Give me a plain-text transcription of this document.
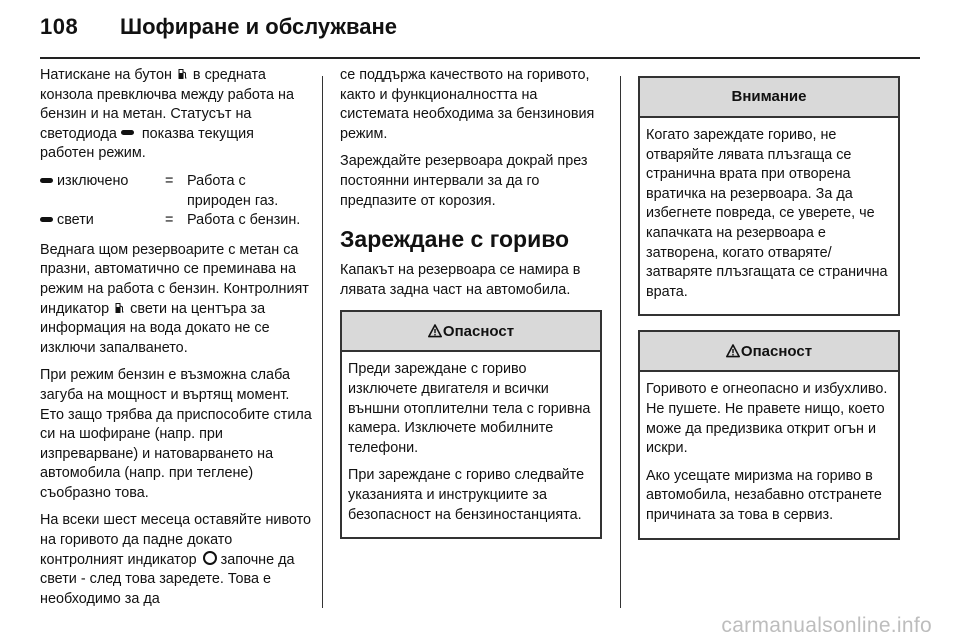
108 Шофиране и обслужване

Натискане на бутон  в средната конзола превключва между работа на бензин и на метан. Статусът на светодиода  показва текущия работен режим.

изключено	=	Работа с природен газ.
свети	=	Работа с бензин.

Веднага щом резервоарите с метан са празни, автоматично се преминава на режим на работа с бензин. Контролният индикатор  свети на центъра за информация на вода докато не се изключи запалването.

При режим бензин е възможна слаба загуба на мощност и въртящ момент. Ето защо трябва да приспособите стила си на шофиране (напр. при изпреварване) и натоварването на автомобила (напр. при теглене) съобразно това.

На всеки шест месеца оставяйте нивото на горивото да падне докато контролният индикатор  започне да свети - след това заредете. Това е необходимо за да

се поддържа качеството на горивото, както и функционалността на системата необходима за бензиновия режим.

Зареждайте резервоара докрай през постоянни интервали за да го предпазите от корозия.

Зареждане с гориво

Капакът на резервоара се намира в лявата задна част на автомобила.

Опасност

Преди зареждане с гориво изключете двигателя и всички външни отоплителни тела с горивна камера. Изключете мобилните телефони.

При зареждане с гориво следвайте указанията и инструкциите за безопасност на бензиностанцията.

Внимание

Когато зареждате гориво, не отваряйте лявата плъзгаща се странична врата при отворена вратичка на резервоара. За да избегнете повреда, се уверете, че капачката на резервоара е затворена, когато отваряте/ затваряте плъзгащата се странична врата.

Опасност

Горивото е огнеопасно и избухливо. Не пушете. Не правете нищо, което може да предизвика открит огън и искри.

Ако усещате миризма на гориво в автомобила, незабавно отстранете причината за това в сервиз.

carmanualsonline.info
